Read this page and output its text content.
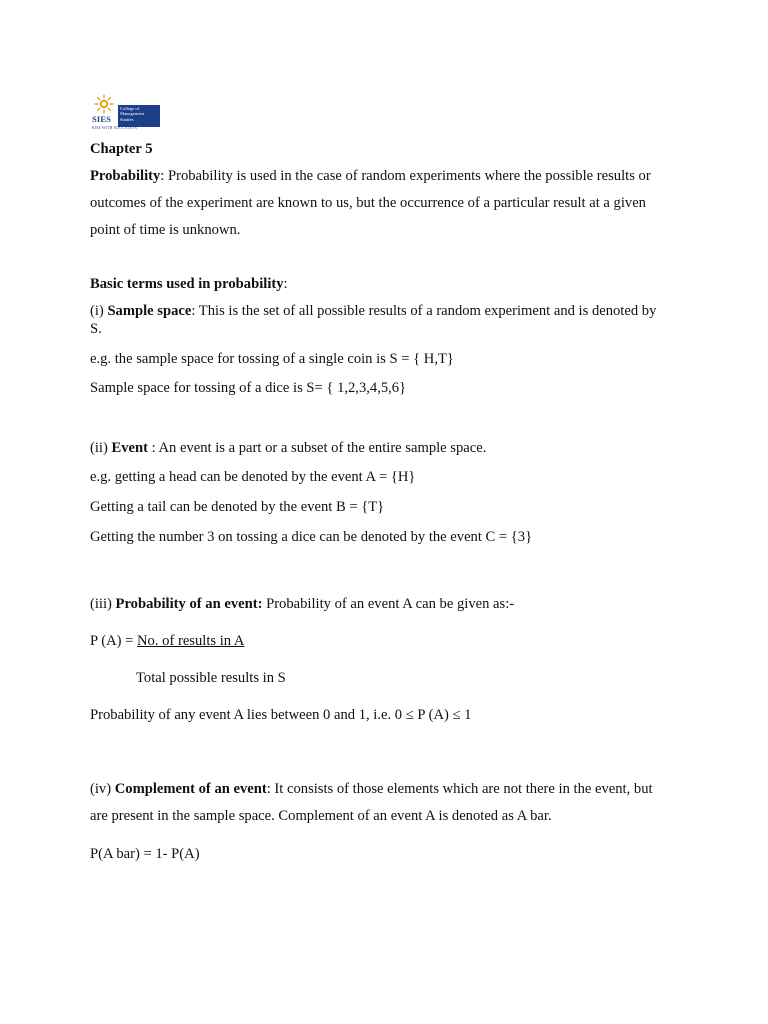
SIES
College of Management Studies
RISE WITH EDUCATION
Chapter 5
Probability: Probability is used in the case of random experiments where the possible results or
outcomes of the experiment are known to us, but the occurrence of a particular result at a given
point of time is unknown.
Basic terms used in probability:
(i) Sample space: This is the set of all possible results of a random experiment and is denoted by
S.
e.g. the sample space for tossing of a single coin is S = { H,T}
Sample space for tossing of a dice is S= { 1,2,3,4,5,6}
(ii) Event : An event is a part or a subset of the entire sample space.
e.g. getting a head can be denoted by the event A = {H}
Getting a tail can be denoted by the event B = {T}
Getting the number 3 on tossing a dice can be denoted by the event C = {3}
(iii) Probability of an event: Probability of an event A can be given as:-
P (A) = No. of results in A
Total possible results in S
Probability of any event A lies between 0 and 1, i.e. 0 ≤ P (A) ≤ 1
(iv) Complement of an event: It consists of those elements which are not there in the event, but
are present in the sample space. Complement of an event A is denoted as A bar.
P(A bar) = 1- P(A)
